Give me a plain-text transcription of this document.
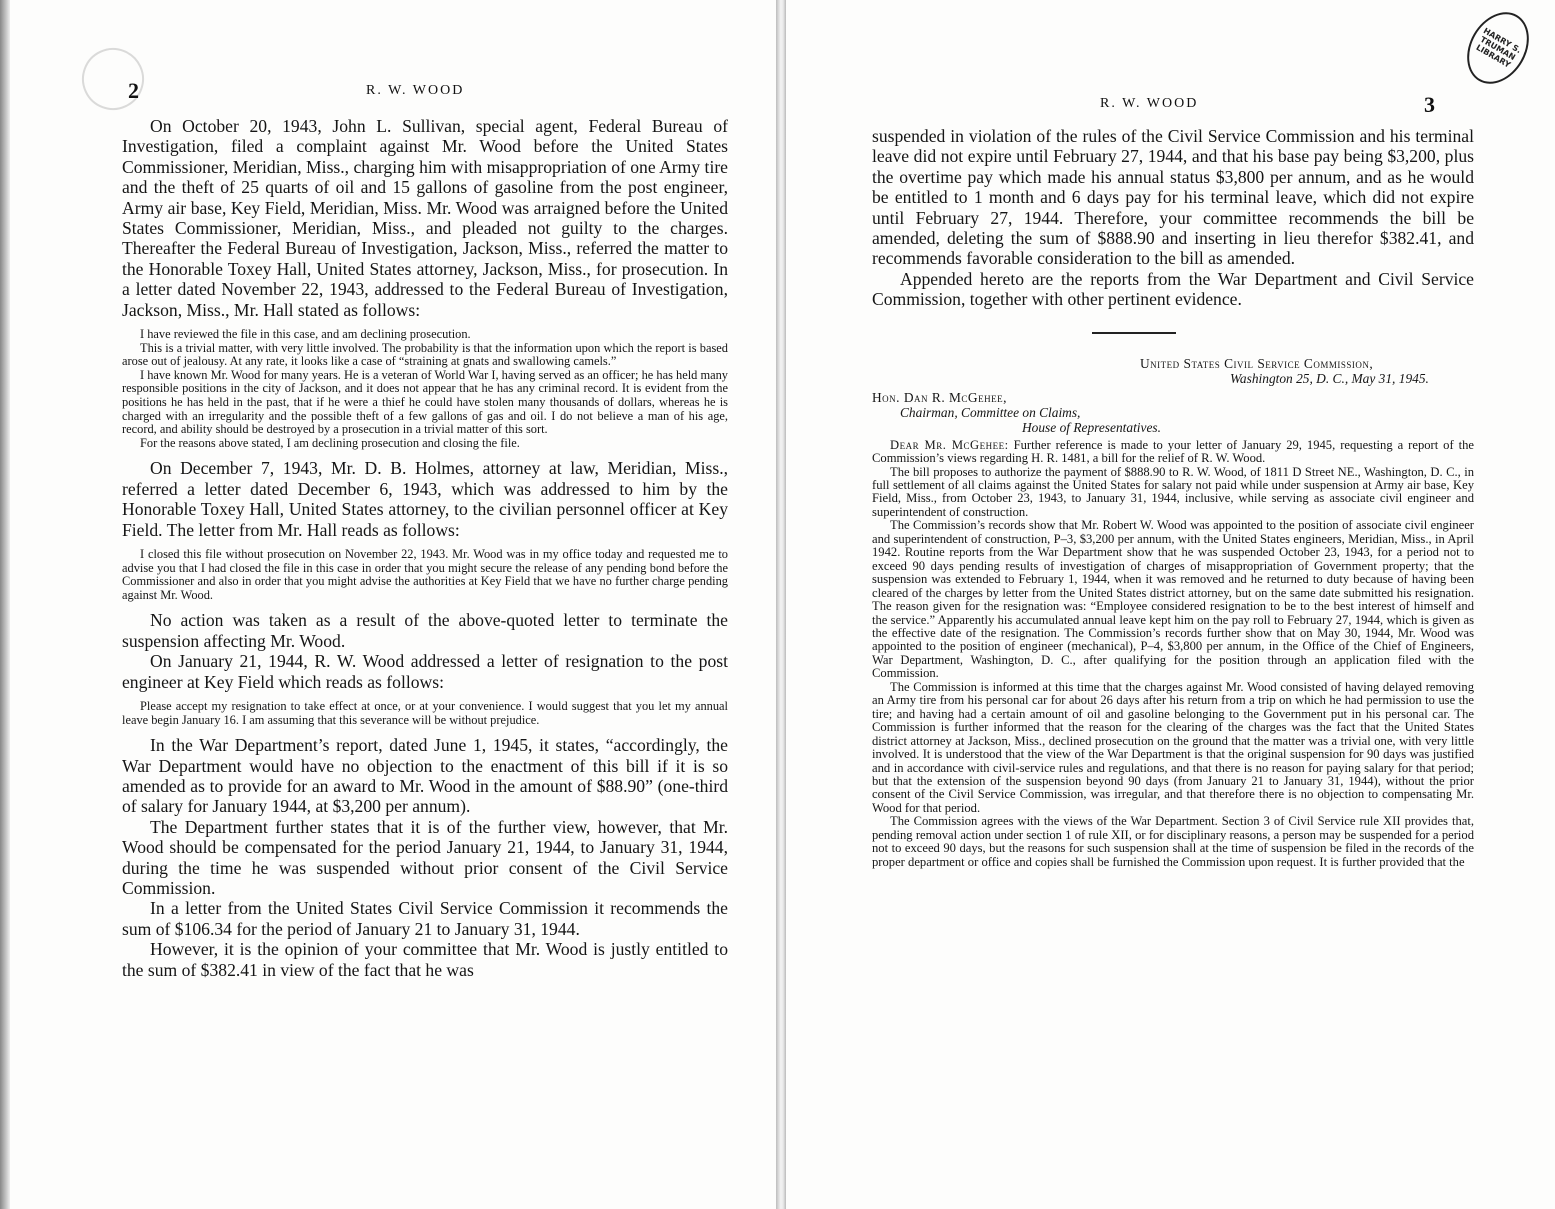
2	R. W. WOOD

On October 20, 1943, John L. Sullivan, special agent, Federal Bureau of Investigation, filed a complaint against Mr. Wood before the United States Commissioner, Meridian, Miss., charging him with misappropriation of one Army tire and the theft of 25 quarts of oil and 15 gallons of gasoline from the post engineer, Army air base, Key Field, Meridian, Miss. Mr. Wood was arraigned before the United States Commissioner, Meridian, Miss., and pleaded not guilty to the charges. Thereafter the Federal Bureau of Investigation, Jackson, Miss., referred the matter to the Honorable Toxey Hall, United States attorney, Jackson, Miss., for prosecution. In a letter dated November 22, 1943, addressed to the Federal Bureau of Investigation, Jackson, Miss., Mr. Hall stated as follows:

I have reviewed the file in this case, and am declining prosecution.

This is a trivial matter, with very little involved. The probability is that the information upon which the report is based arose out of jealousy. At any rate, it looks like a case of “straining at gnats and swallowing camels.”

I have known Mr. Wood for many years. He is a veteran of World War I, having served as an officer; he has held many responsible positions in the city of Jackson, and it does not appear that he has any criminal record. It is evident from the positions he has held in the past, that if he were a thief he could have stolen many thousands of dollars, whereas he is charged with an irregularity and the possible theft of a few gallons of gas and oil. I do not believe a man of his age, record, and ability should be destroyed by a prosecution in a trivial matter of this sort.

For the reasons above stated, I am declining prosecution and closing the file.

On December 7, 1943, Mr. D. B. Holmes, attorney at law, Meridian, Miss., referred a letter dated December 6, 1943, which was addressed to him by the Honorable Toxey Hall, United States attorney, to the civilian personnel officer at Key Field. The letter from Mr. Hall reads as follows:

I closed this file without prosecution on November 22, 1943. Mr. Wood was in my office today and requested me to advise you that I had closed the file in this case in order that you might secure the release of any pending bond before the Commissioner and also in order that you might advise the authorities at Key Field that we have no further charge pending against Mr. Wood.

No action was taken as a result of the above-quoted letter to terminate the suspension affecting Mr. Wood.

On January 21, 1944, R. W. Wood addressed a letter of resignation to the post engineer at Key Field which reads as follows:

Please accept my resignation to take effect at once, or at your convenience. I would suggest that you let my annual leave begin January 16. I am assuming that this severance will be without prejudice.

In the War Department’s report, dated June 1, 1945, it states, “accordingly, the War Department would have no objection to the enactment of this bill if it is so amended as to provide for an award to Mr. Wood in the amount of $88.90” (one-third of salary for January 1944, at $3,200 per annum).

The Department further states that it is of the further view, however, that Mr. Wood should be compensated for the period January 21, 1944, to January 31, 1944, during the time he was suspended without prior consent of the Civil Service Commission.

In a letter from the United States Civil Service Commission it recommends the sum of $106.34 for the period of January 21 to January 31, 1944.

However, it is the opinion of your committee that Mr. Wood is justly entitled to the sum of $382.41 in view of the fact that he was

HARRY S. TRUMAN LIBRARY
R. W. WOOD	3

suspended in violation of the rules of the Civil Service Commission and his terminal leave did not expire until February 27, 1944, and that his base pay being $3,200, plus the overtime pay which made his annual status $3,800 per annum, and as he would be entitled to 1 month and 6 days pay for his terminal leave, which did not expire until February 27, 1944. Therefore, your committee recommends the bill be amended, deleting the sum of $888.90 and inserting in lieu therefor $382.41, and recommends favorable consideration to the bill as amended.

Appended hereto are the reports from the War Department and Civil Service Commission, together with other pertinent evidence.

United States Civil Service Commission,
Washington 25, D. C., May 31, 1945.
Hon. Dan R. McGehee,
Chairman, Committee on Claims,
House of Representatives.

Dear Mr. McGehee: Further reference is made to your letter of January 29, 1945, requesting a report of the Commission’s views regarding H. R. 1481, a bill for the relief of R. W. Wood.

The bill proposes to authorize the payment of $888.90 to R. W. Wood, of 1811 D Street NE., Washington, D. C., in full settlement of all claims against the United States for salary not paid while under suspension at Army air base, Key Field, Miss., from October 23, 1943, to January 31, 1944, inclusive, while serving as associate civil engineer and superintendent of construction.

The Commission’s records show that Mr. Robert W. Wood was appointed to the position of associate civil engineer and superintendent of construction, P–3, $3,200 per annum, with the United States engineers, Meridian, Miss., in April 1942. Routine reports from the War Department show that he was suspended October 23, 1943, for a period not to exceed 90 days pending results of investigation of charges of misappropriation of Government property; that the suspension was extended to February 1, 1944, when it was removed and he returned to duty because of having been cleared of the charges by letter from the United States district attorney, but on the same date submitted his resignation. The reason given for the resignation was: “Employee considered resignation to be to the best interest of himself and the service.” Apparently his accumulated annual leave kept him on the pay roll to February 27, 1944, which is given as the effective date of the resignation. The Commission’s records further show that on May 30, 1944, Mr. Wood was appointed to the position of engineer (mechanical), P–4, $3,800 per annum, in the Office of the Chief of Engineers, War Department, Washington, D. C., after qualifying for the position through an application filed with the Commission.

The Commission is informed at this time that the charges against Mr. Wood consisted of having delayed removing an Army tire from his personal car for about 26 days after his return from a trip on which he had permission to use the tire; and having had a certain amount of oil and gasoline belonging to the Government put in his personal car. The Commission is further informed that the reason for the clearing of the charges was the fact that the United States district attorney at Jackson, Miss., declined prosecution on the ground that the matter was a trivial one, with very little involved. It is understood that the view of the War Department is that the original suspension for 90 days was justified and in accordance with civil-service rules and regulations, and that there is no reason for paying salary for that period; but that the extension of the suspension beyond 90 days (from January 21 to January 31, 1944), without the prior consent of the Civil Service Commission, was irregular, and that therefore there is no objection to compensating Mr. Wood for that period.

The Commission agrees with the views of the War Department. Section 3 of Civil Service rule XII provides that, pending removal action under section 1 of rule XII, or for disciplinary reasons, a person may be suspended for a period not to exceed 90 days, but the reasons for such suspension shall at the time of suspension be filed in the records of the proper department or office and copies shall be furnished the Commission upon request. It is further provided that the
